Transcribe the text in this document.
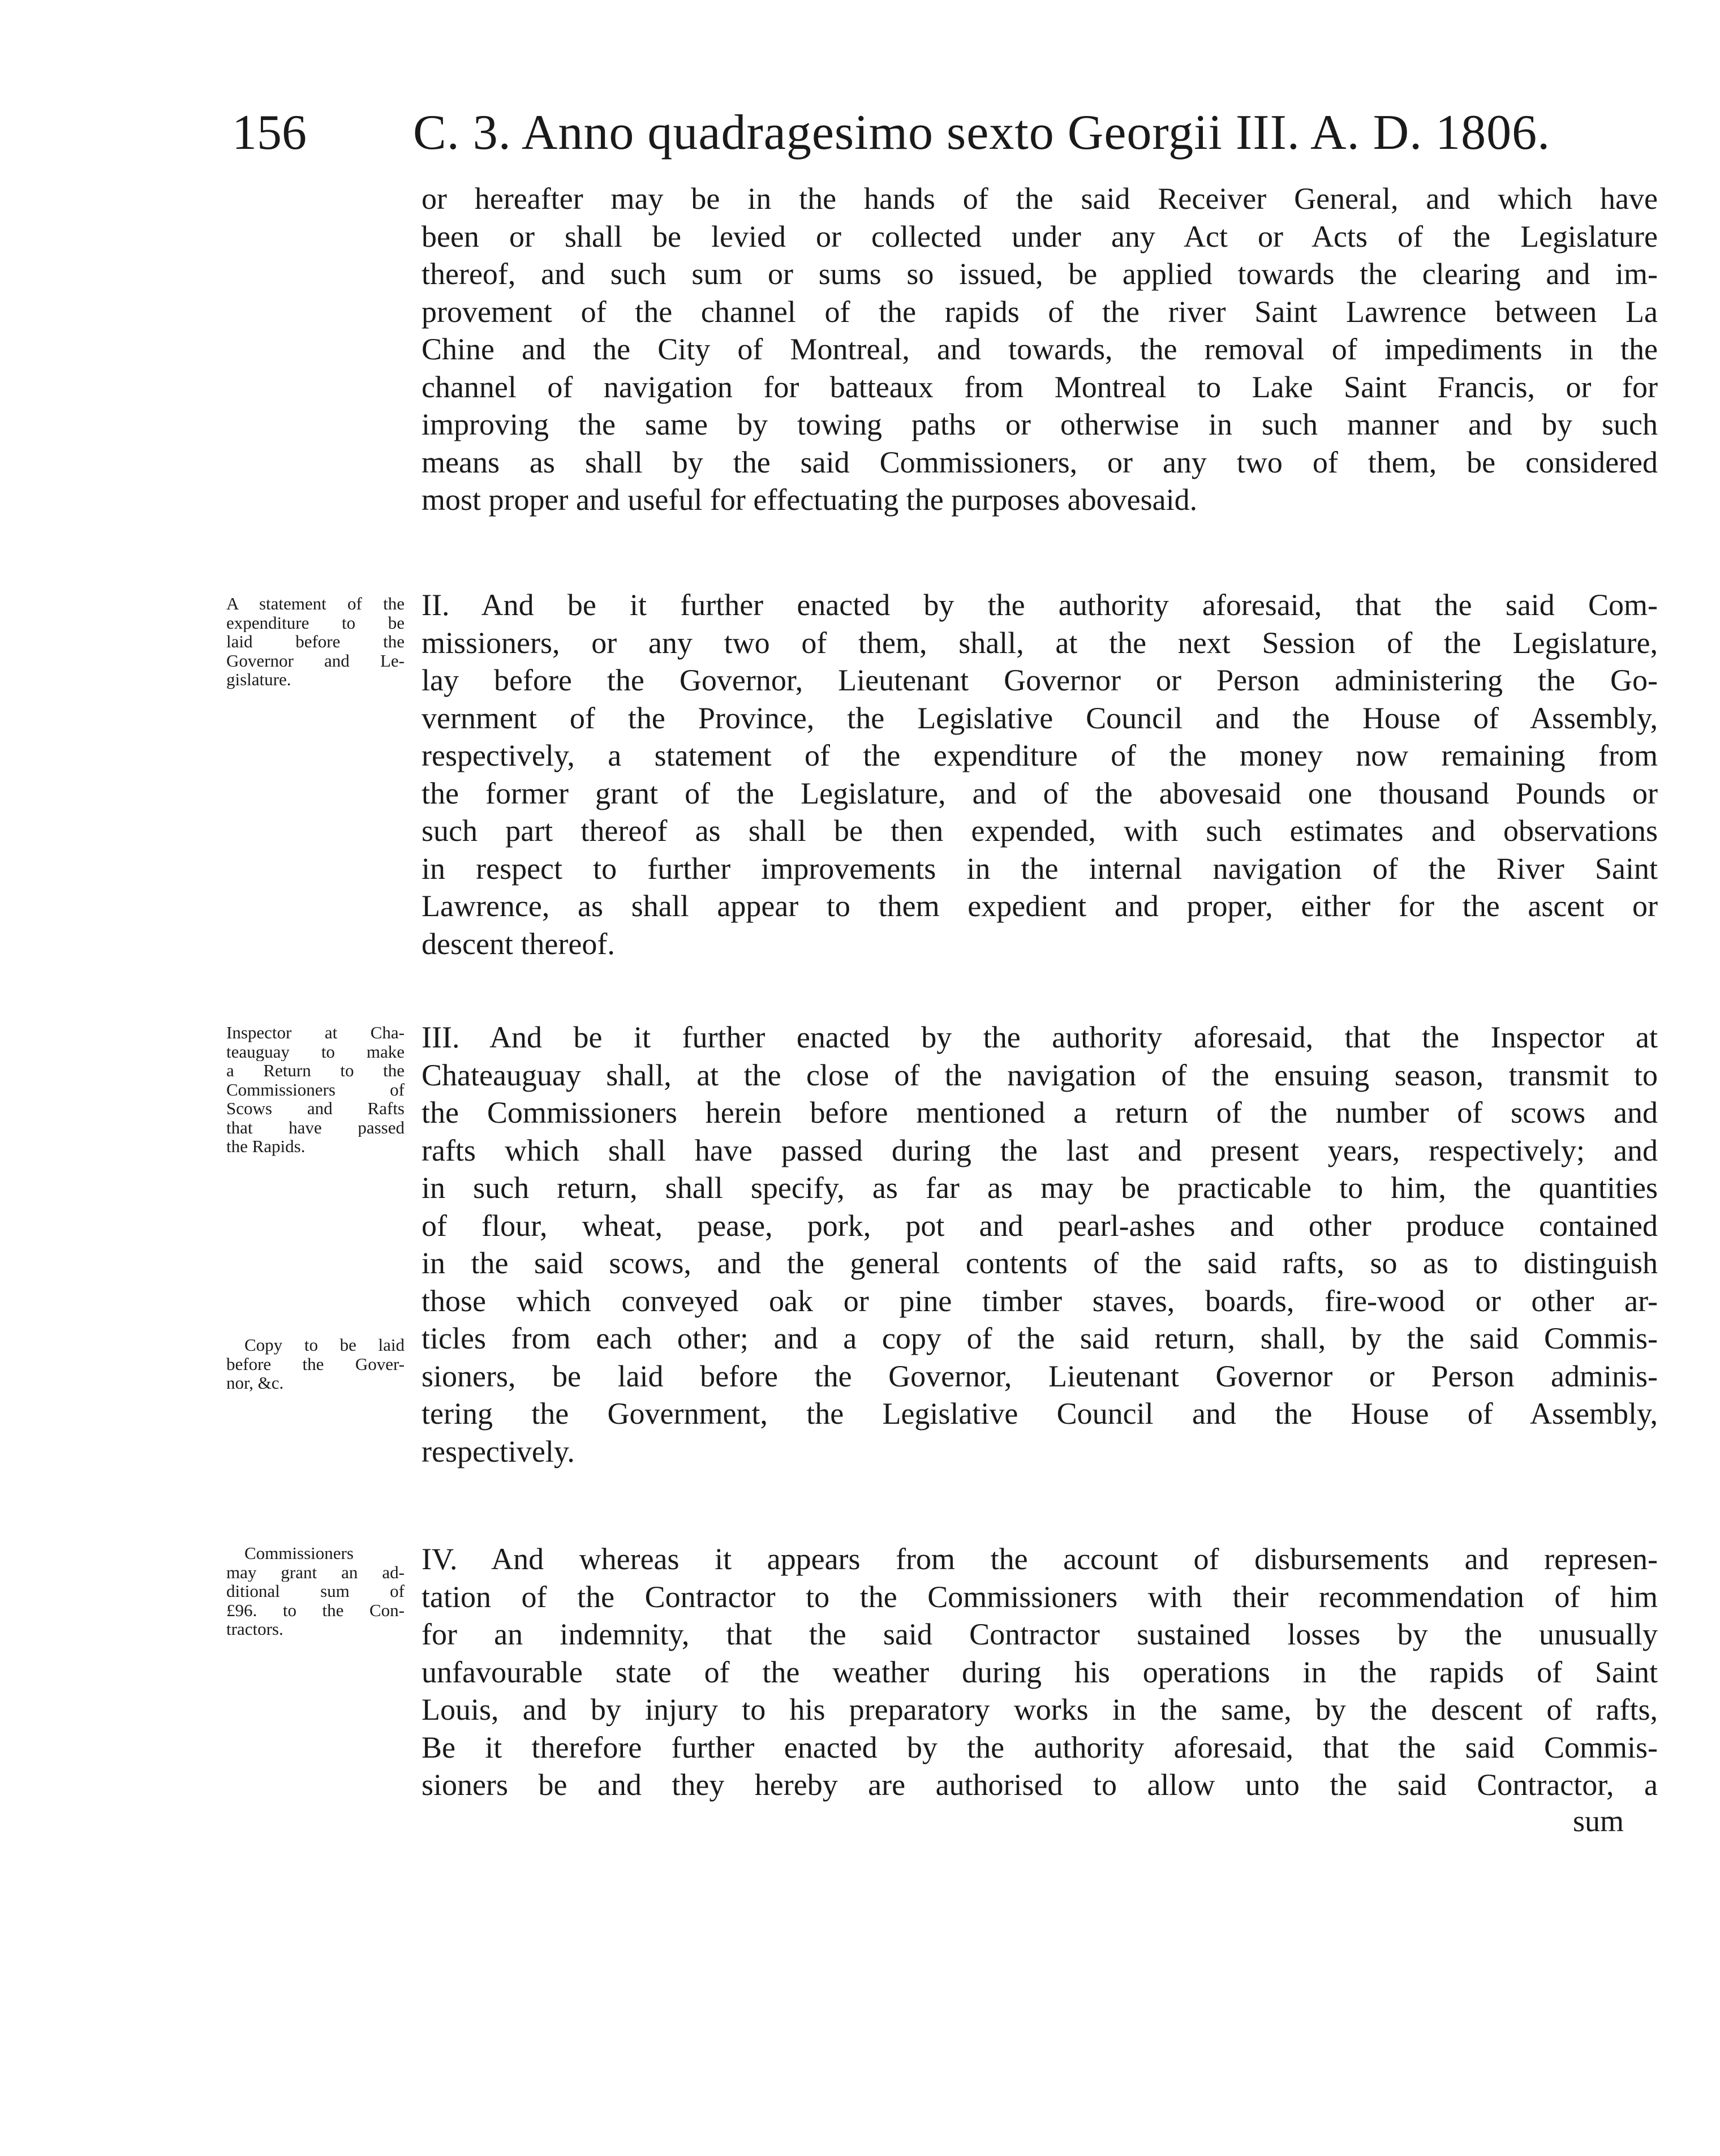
156 C. 3. Anno quadragesimo sexto Georgii III. A. D. 1806.
or hereafter may be in the hands of the said Receiver General, and which have
been or shall be levied or collected under any Act or Acts of the Legislature
thereof, and such sum or sums so issued, be applied towards the clearing and im-
provement of the channel of the rapids of the river Saint Lawrence between La
Chine and the City of Montreal, and towards, the removal of impediments in the
channel of navigation for batteaux from Montreal to Lake Saint Francis, or for
improving the same by towing paths or otherwise in such manner and by such
means as shall by the said Commissioners, or any two of them, be considered
most proper and useful for effectuating the purposes abovesaid.
A statement of the
expenditure to be
laid before the
Governor and Le-
gislature.
II. And be it further enacted by the authority aforesaid, that the said Com-
missioners, or any two of them, shall, at the next Session of the Legislature,
lay before the Governor, Lieutenant Governor or Person administering the Go-
vernment of the Province, the Legislative Council and the House of Assembly,
respectively, a statement of the expenditure of the money now remaining from
the former grant of the Legislature, and of the abovesaid one thousand Pounds or
such part thereof as shall be then expended, with such estimates and observations
in respect to further improvements in the internal navigation of the River Saint
Lawrence, as shall appear to them expedient and proper, either for the ascent or
descent thereof.
Inspector at Cha-
teauguay to make
a Return to the
Commissioners of
Scows and Rafts
that have passed
the Rapids.
III. And be it further enacted by the authority aforesaid, that the Inspector at
Chateauguay shall, at the close of the navigation of the ensuing season, transmit to
the Commissioners herein before mentioned a return of the number of scows and
rafts which shall have passed during the last and present years, respectively; and
in such return, shall specify, as far as may be practicable to him, the quantities
of flour, wheat, pease, pork, pot and pearl-ashes and other produce contained
in the said scows, and the general contents of the said rafts, so as to distinguish
those which conveyed oak or pine timber staves, boards, fire-wood or other ar-
ticles from each other; and a copy of the said return, shall, by the said Commis-
sioners, be laid before the Governor, Lieutenant Governor or Person adminis-
tering the Government, the Legislative Council and the House of Assembly,
respectively.
Copy to be laid
before the Gover-
nor, &c.
Commissioners
may grant an ad-
ditional sum of
£96. to the Con-
tractors.
IV. And whereas it appears from the account of disbursements and represen-
tation of the Contractor to the Commissioners with their recommendation of him
for an indemnity, that the said Contractor sustained losses by the unusually
unfavourable state of the weather during his operations in the rapids of Saint
Louis, and by injury to his preparatory works in the same, by the descent of rafts,
Be it therefore further enacted by the authority aforesaid, that the said Commis-
sioners be and they hereby are authorised to allow unto the said Contractor, a
sum
